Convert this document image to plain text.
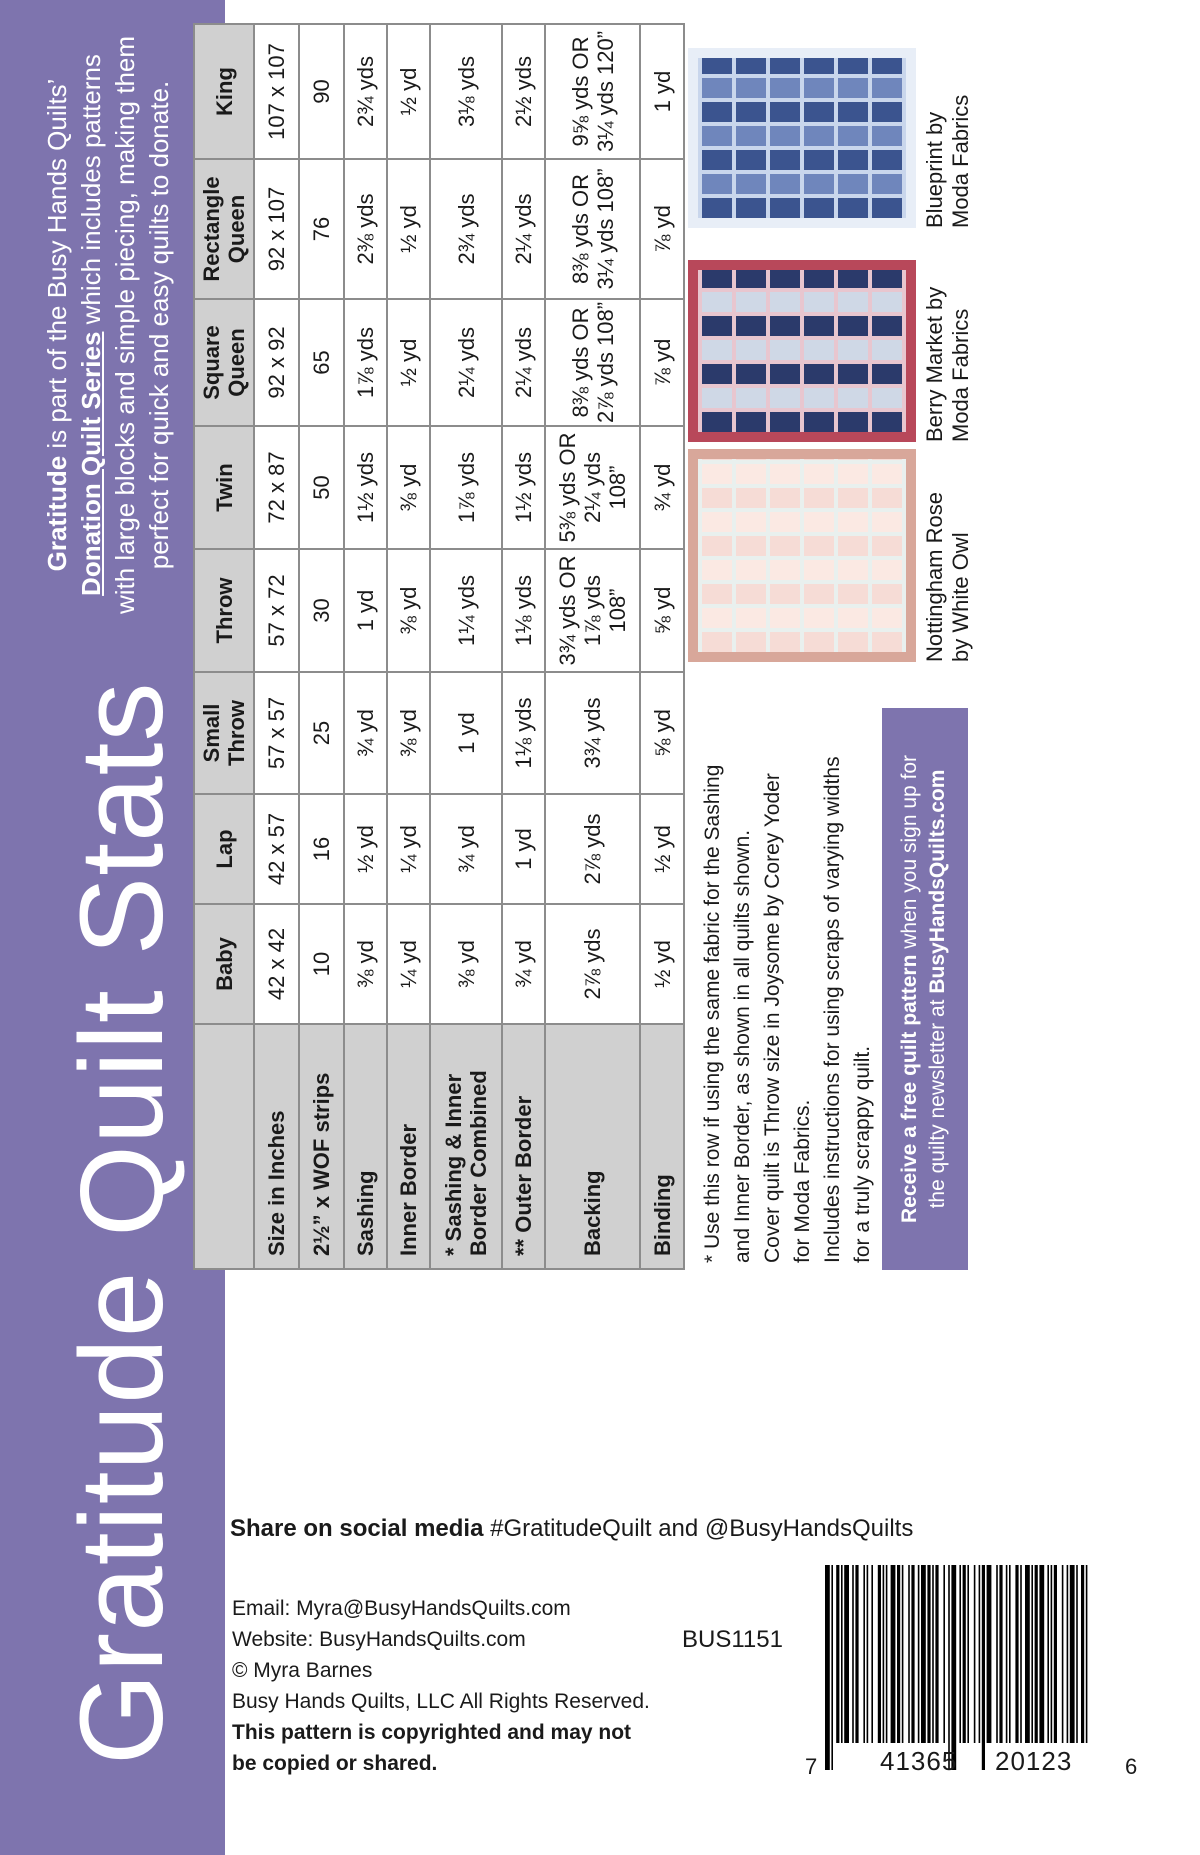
Gratitude Quilt Stats
Gratitude is part of the Busy Hands Quilts’ Donation Quilt Series which includes patterns with large blocks and simple piecing, making them perfect for quick and easy quilts to donate.
	Baby	Lap	Small Throw	Throw	Twin	Square Queen	Rectangle Queen	King
Size in Inches	42 x 42	42 x 57	57 x 57	57 x 72	72 x 87	92 x 92	92 x 107	107 x 107
2½” x WOF strips	10	16	25	30	50	65	76	90
Sashing	⅜ yd	½ yd	¾ yd	1 yd	1½ yds	1⅞ yds	2⅜ yds	2¾ yds
Inner Border	¼ yd	¼ yd	⅜ yd	⅜ yd	⅜ yd	½ yd	½ yd	½ yd
* Sashing & Inner Border Combined	⅜ yd	¾ yd	1 yd	1¼ yds	1⅞ yds	2¼ yds	2¾ yds	3⅛ yds
** Outer Border	¾ yd	1 yd	1⅛ yds	1⅛ yds	1½ yds	2¼ yds	2¼ yds	2½ yds
Backing	2⅞ yds	2⅞ yds	3¾ yds	3¾ yds OR 1⅞ yds 108”	5⅜ yds OR 2¼ yds 108”	8⅜ yds OR 2⅞ yds 108”	8⅜ yds OR 3¼ yds 108”	9⅝ yds OR 3¼ yds 120”
Binding	½ yd	½ yd	⅝ yd	⅝ yd	¾ yd	⅞ yd	⅞ yd	1 yd
Nottingham Rose by White Owl
Berry Market by Moda Fabrics
Blueprint by Moda Fabrics
* Use this row if using the same fabric for the Sashing and Inner Border, as shown in all quilts shown. Cover quilt is Throw size in Joysome by Corey Yoder for Moda Fabrics. Includes instructions for using scraps of varying widths for a truly scrappy quilt. Receive a free quilt pattern when you sign up for
the quilty newsletter at BusyHandsQuilts.com
Share on social media #GratitudeQuilt and @BusyHandsQuilts
Email: Myra@BusyHandsQuilts.com
Website: BusyHandsQuilts.com
© Myra Barnes
Busy Hands Quilts, LLC All Rights Reserved.
This pattern is copyrighted and may not
be copied or shared.
BUS1151
7 41365 20123 6
